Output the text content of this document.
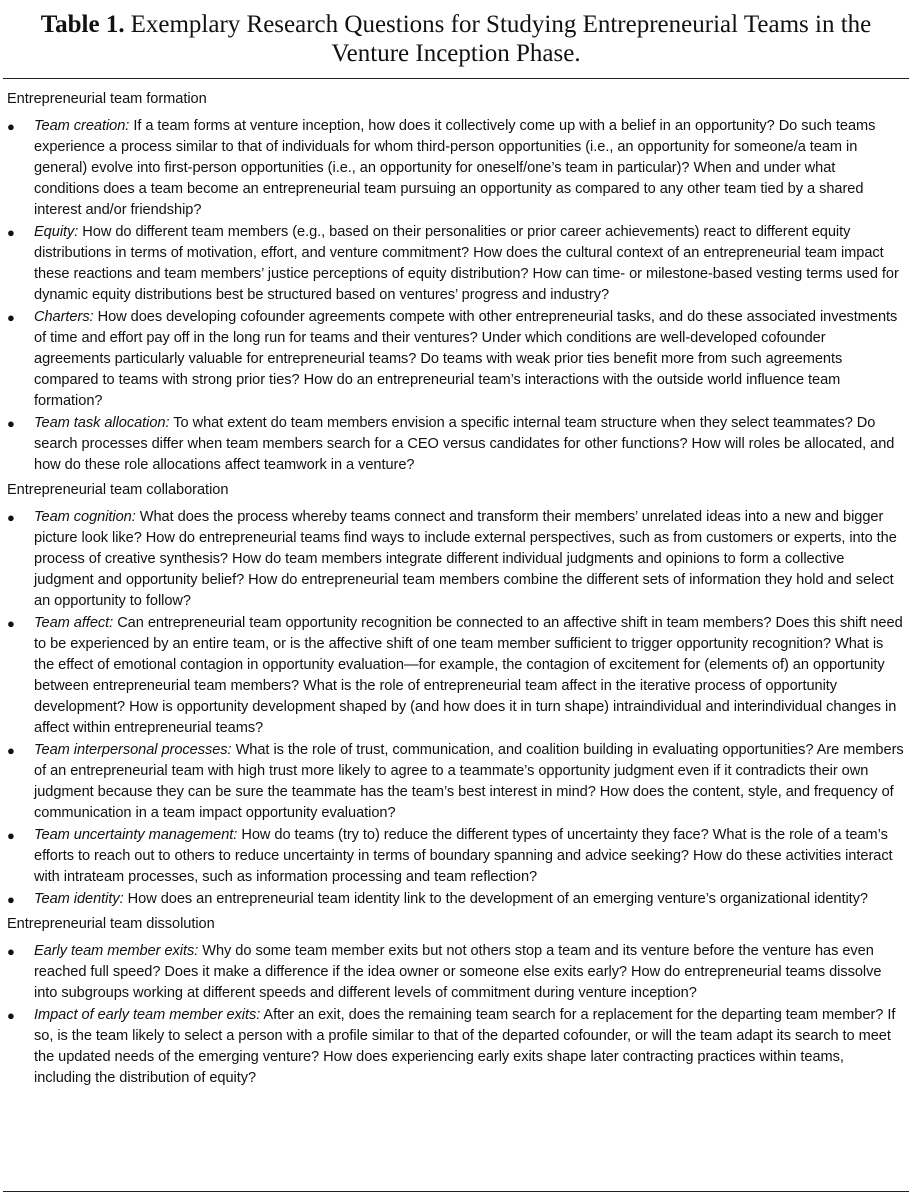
Table 1. Exemplary Research Questions for Studying Entrepreneurial Teams in the Venture Inception Phase.
Entrepreneurial team formation
● Team creation: If a team forms at venture inception, how does it collectively come up with a belief in an opportunity? Do such teams experience a process similar to that of individuals for whom third-person opportunities (i.e., an opportunity for someone/a team in general) evolve into first-person opportunities (i.e., an opportunity for oneself/one’s team in particular)? When and under what conditions does a team become an entrepreneurial team pursuing an opportunity as compared to any other team tied by a shared interest and/or friendship?
● Equity: How do different team members (e.g., based on their personalities or prior career achievements) react to different equity distributions in terms of motivation, effort, and venture commitment? How does the cultural context of an entrepreneurial team impact these reactions and team members’ justice perceptions of equity distribution? How can time- or milestone-based vesting terms used for dynamic equity distributions best be structured based on ventures’ progress and industry?
● Charters: How does developing cofounder agreements compete with other entrepreneurial tasks, and do these associated investments of time and effort pay off in the long run for teams and their ventures? Under which conditions are well-developed cofounder agreements particularly valuable for entrepreneurial teams? Do teams with weak prior ties benefit more from such agreements compared to teams with strong prior ties? How do an entrepreneurial team’s interactions with the outside world influence team formation?
● Team task allocation: To what extent do team members envision a specific internal team structure when they select teammates? Do search processes differ when team members search for a CEO versus candidates for other functions? How will roles be allocated, and how do these role allocations affect teamwork in a venture?
Entrepreneurial team collaboration
● Team cognition: What does the process whereby teams connect and transform their members’ unrelated ideas into a new and bigger picture look like? How do entrepreneurial teams find ways to include external perspectives, such as from customers or experts, into the process of creative synthesis? How do team members integrate different individual judgments and opinions to form a collective judgment and opportunity belief? How do entrepreneurial team members combine the different sets of information they hold and select an opportunity to follow?
● Team affect: Can entrepreneurial team opportunity recognition be connected to an affective shift in team members? Does this shift need to be experienced by an entire team, or is the affective shift of one team member sufficient to trigger opportunity recognition? What is the effect of emotional contagion in opportunity evaluation—for example, the contagion of excitement for (elements of) an opportunity between entrepreneurial team members? What is the role of entrepreneurial team affect in the iterative process of opportunity development? How is opportunity development shaped by (and how does it in turn shape) intraindividual and interindividual changes in affect within entrepreneurial teams?
● Team interpersonal processes: What is the role of trust, communication, and coalition building in evaluating opportunities? Are members of an entrepreneurial team with high trust more likely to agree to a teammate’s opportunity judgment even if it contradicts their own judgment because they can be sure the teammate has the team’s best interest in mind? How does the content, style, and frequency of communication in a team impact opportunity evaluation?
● Team uncertainty management: How do teams (try to) reduce the different types of uncertainty they face? What is the role of a team’s efforts to reach out to others to reduce uncertainty in terms of boundary spanning and advice seeking? How do these activities interact with intrateam processes, such as information processing and team reflection?
● Team identity: How does an entrepreneurial team identity link to the development of an emerging venture’s organizational identity?
Entrepreneurial team dissolution
● Early team member exits: Why do some team member exits but not others stop a team and its venture before the venture has even reached full speed? Does it make a difference if the idea owner or someone else exits early? How do entrepreneurial teams dissolve into subgroups working at different speeds and different levels of commitment during venture inception?
● Impact of early team member exits: After an exit, does the remaining team search for a replacement for the departing team member? If so, is the team likely to select a person with a profile similar to that of the departed cofounder, or will the team adapt its search to meet the updated needs of the emerging venture? How does experiencing early exits shape later contracting practices within teams, including the distribution of equity?
